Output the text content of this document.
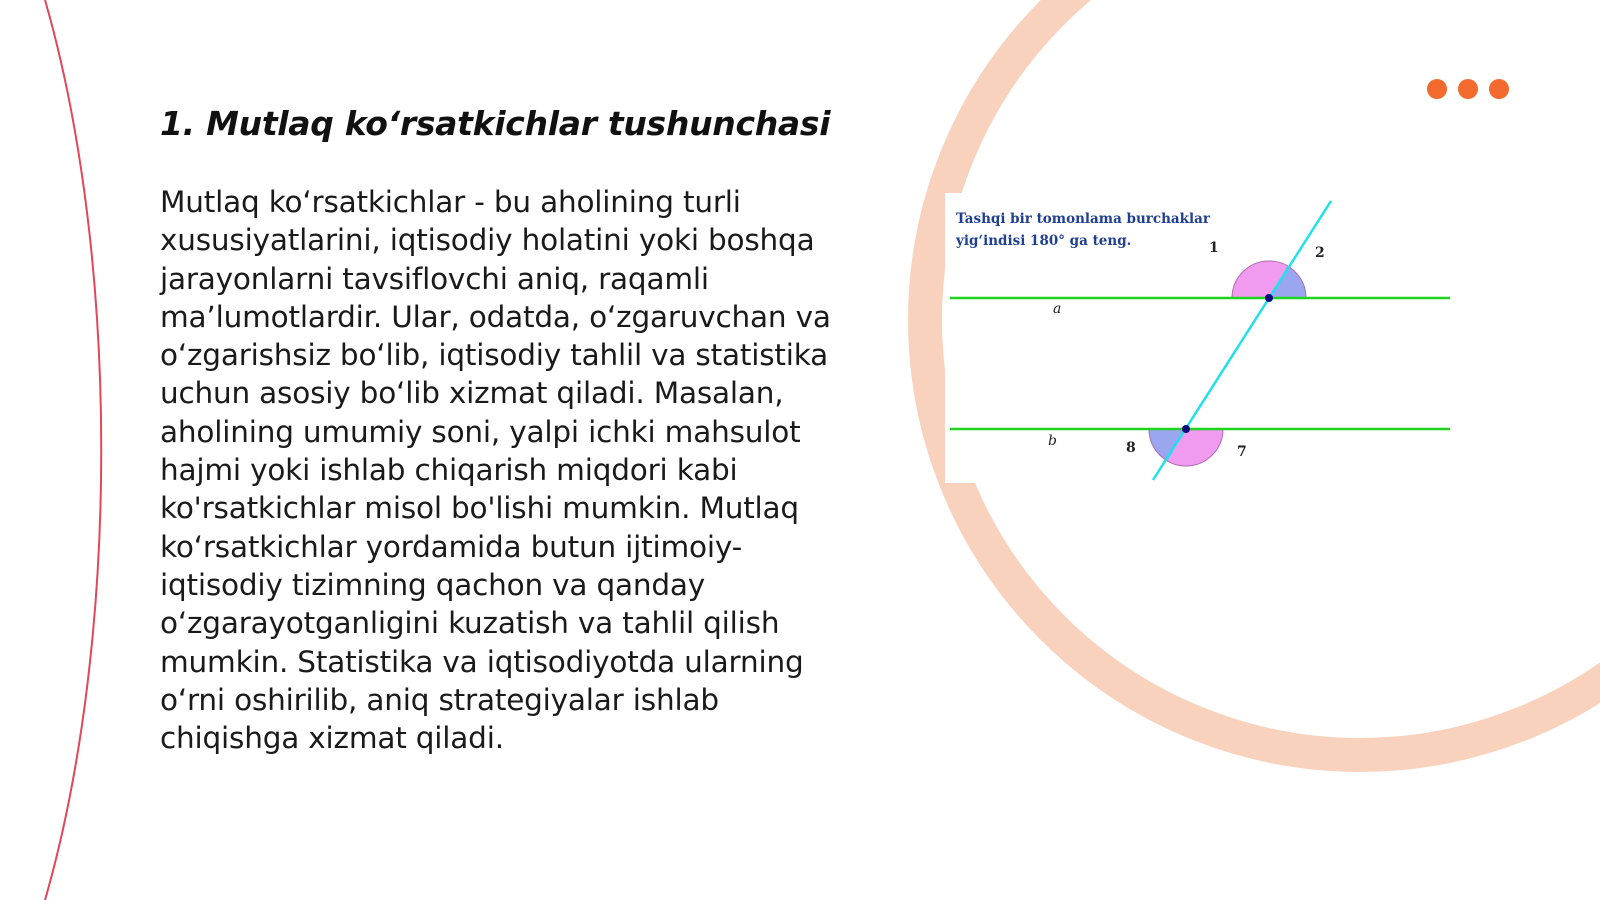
1. Mutlaq ko‘rsatkichlar tushunchasi

Mutlaq ko‘rsatkichlar - bu aholining turli xususiyatlarini, iqtisodiy holatini yoki boshqa jarayonlarni tavsiflovchi aniq, raqamli ma’lumotlardir. Ular, odatda, o‘zgaruvchan va o‘zgarishsiz bo‘lib, iqtisodiy tahlil va statistika uchun asosiy bo‘lib xizmat qiladi. Masalan, aholining umumiy soni, yalpi ichki mahsulot hajmi yoki ishlab chiqarish miqdori kabi ko'rsatkichlar misol bo'lishi mumkin. Mutlaq ko‘rsatkichlar yordamida butun ijtimoiy-iqtisodiy tizimning qachon va qanday o‘zgarayotganligini kuzatish va tahlil qilish mumkin. Statistika va iqtisodiyotda ularning o‘rni oshirilib, aniq strategiyalar ishlab chiqishga xizmat qiladi.

Tashqi bir tomonlama burchaklar
yig‘indisi 180° ga teng.	1	2
a
b	8	7
